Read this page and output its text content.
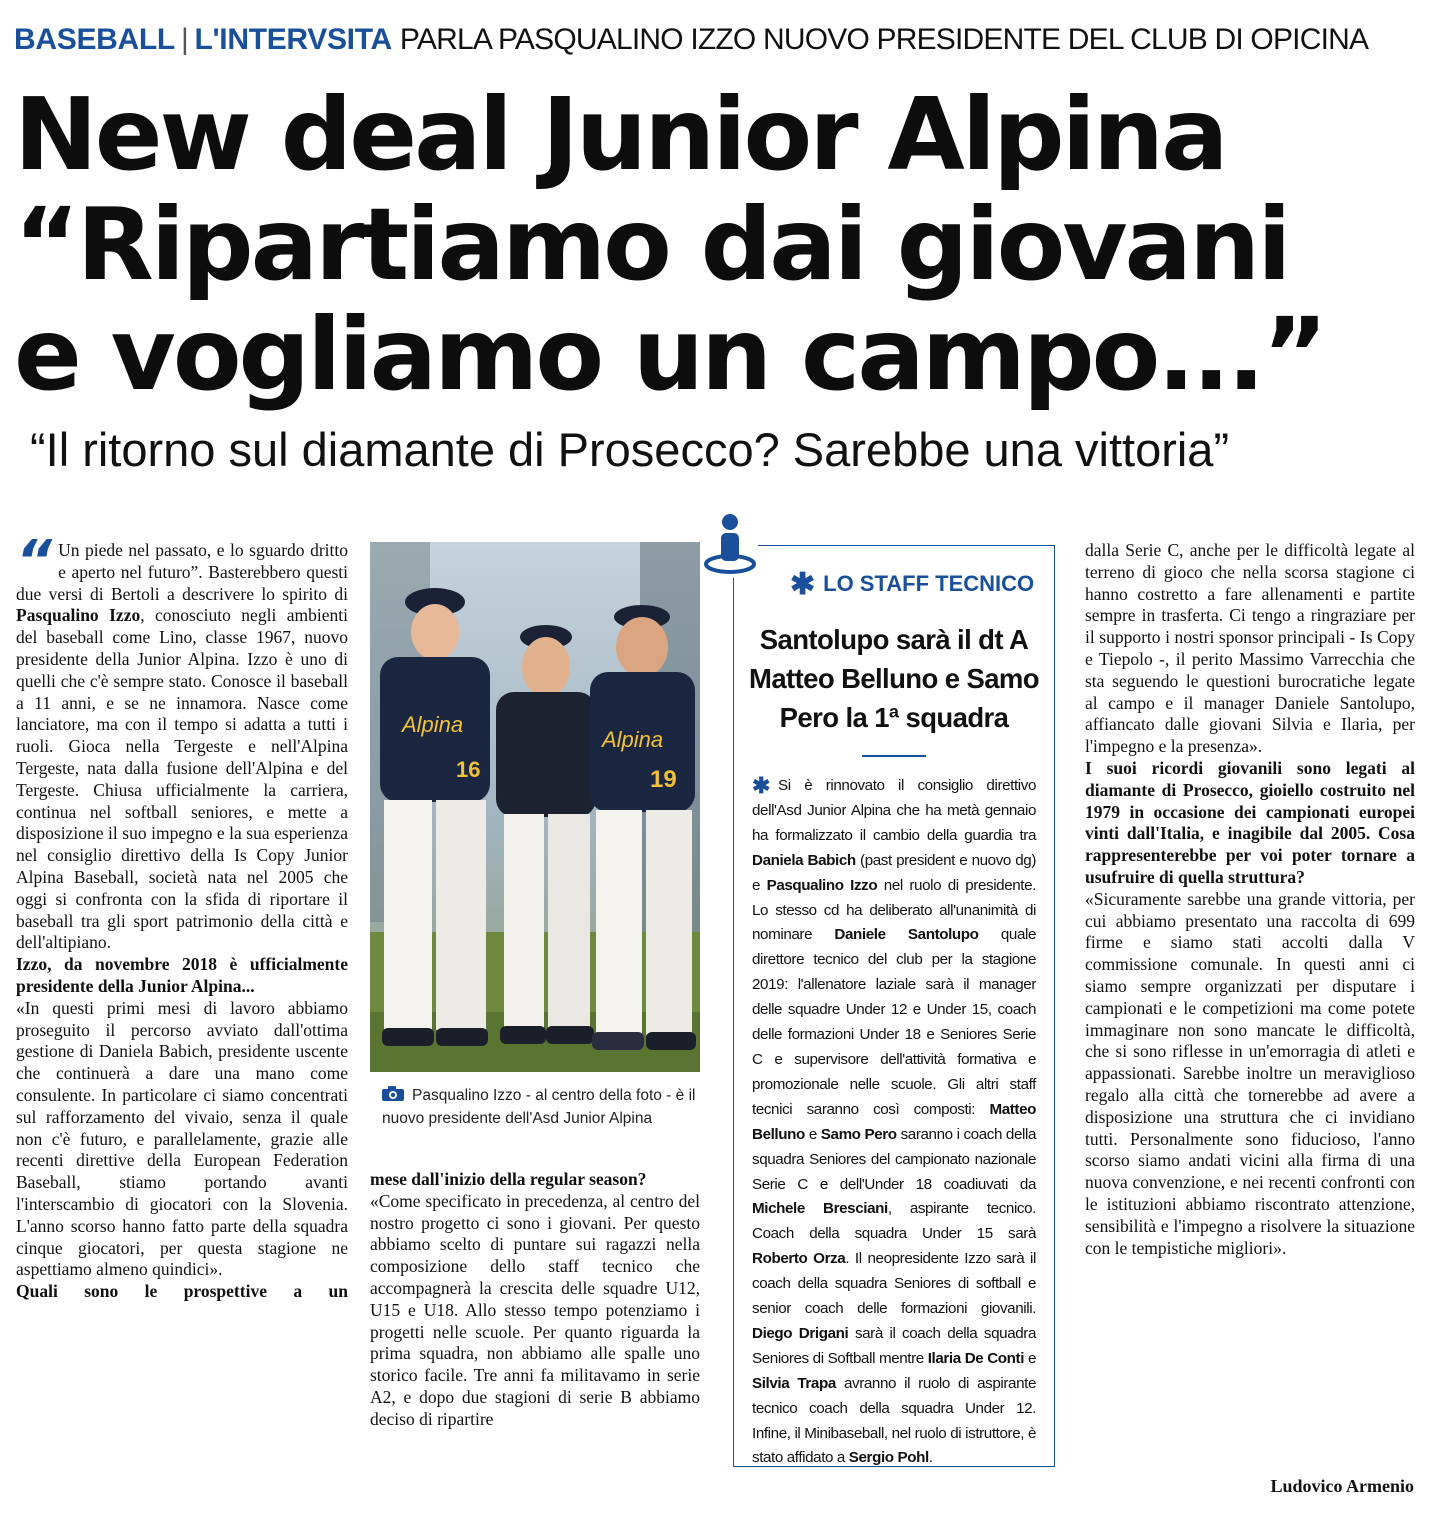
BASEBALL | L'INTERVSITA PARLA PASQUALINO IZZO NUOVO PRESIDENTE DEL CLUB DI OPICINA
New deal Junior Alpina
“Ripartiamo dai giovani
e vogliamo un campo...”
“Il ritorno sul diamante di Prosecco? Sarebbe una vittoria”

“ Un piede nel passato, e lo sguardo dritto e aperto nel futuro”. Basterebbero questi due versi di Bertoli a descrivere lo spirito di Pasqualino Izzo, conosciuto negli ambienti del baseball come Lino, classe 1967, nuovo presidente della Junior Alpina. Izzo è uno di quelli che c'è sempre stato. Conosce il baseball a 11 anni, e se ne innamora. Nasce come lanciatore, ma con il tempo si adatta a tutti i ruoli. Gioca nella Tergeste e nell'Alpina Tergeste, nata dalla fusione dell'Alpina e del Tergeste. Chiusa ufficialmente la carriera, continua nel softball seniores, e mette a disposizione il suo impegno e la sua esperienza nel consiglio direttivo della Is Copy Junior Alpina Baseball, società nata nel 2005 che oggi si confronta con la sfida di riportare il baseball tra gli sport patrimonio della città e dell'altipiano.

Izzo, da novembre 2018 è ufficialmente presidente della Junior Alpina...

«In questi primi mesi di lavoro abbiamo proseguito il percorso avviato dall'ottima gestione di Daniela Babich, presidente uscente che continuerà a dare una mano come consulente. In particolare ci siamo concentrati sul rafforzamento del vivaio, senza il quale non c'è futuro, e parallelamente, grazie alle recenti direttive della European Federation Baseball, stiamo portando avanti l'interscambio di giocatori con la Slovenia. L'anno scorso hanno fatto parte della squadra cinque giocatori, per questa stagione ne aspettiamo almeno quindici».

Quali sono le prospettive a un

Alpina
16
Alpina
19
Pasqualino Izzo - al centro della foto - è il nuovo presidente dell'Asd Junior Alpina

mese dall'inizio della regular season?

«Come specificato in precedenza, al centro del nostro progetto ci sono i giovani. Per questo abbiamo scelto di puntare sui ragazzi nella composizione dello staff tecnico che accompagnerà la crescita delle squadre U12, U15 e U18. Allo stesso tempo potenziamo i progetti nelle scuole. Per quanto riguarda la prima squadra, non abbiamo alle spalle uno storico facile. Tre anni fa militavamo in serie A2, e dopo due stagioni di serie B abbiamo deciso di ripartire

✱ LO STAFF TECNICO
Santolupo sarà il dt A Matteo Belluno e Samo Pero la 1ª squadra
✱ Si è rinnovato il consiglio direttivo dell'Asd Junior Alpina che ha metà gennaio ha formalizzato il cambio della guardia tra Daniela Babich (past president e nuovo dg) e Pasqualino Izzo nel ruolo di presidente. Lo stesso cd ha deliberato all'unanimità di nominare Daniele Santolupo quale direttore tecnico del club per la stagione 2019: l'allenatore laziale sarà il manager delle squadre Under 12 e Under 15, coach delle formazioni Under 18 e Seniores Serie C e supervisore dell'attività formativa e promozionale nelle scuole. Gli altri staff tecnici saranno così composti: Matteo Belluno e Samo Pero saranno i coach della squadra Seniores del campionato nazionale Serie C e dell'Under 18 coadiuvati da Michele Bresciani, aspirante tecnico. Coach della squadra Under 15 sarà Roberto Orza. Il neopresidente Izzo sarà il coach della squadra Seniores di softball e senior coach delle formazioni giovanili. Diego Drigani sarà il coach della squadra Seniores di Softball mentre Ilaria De Conti e Silvia Trapa avranno il ruolo di aspirante tecnico coach della squadra Under 12. Infine, il Minibaseball, nel ruolo di istruttore, è stato affidato a Sergio Pohl.

dalla Serie C, anche per le difficoltà legate al terreno di gioco che nella scorsa stagione ci hanno costretto a fare allenamenti e partite sempre in trasferta. Ci tengo a ringraziare per il supporto i nostri sponsor principali - Is Copy e Tiepolo -, il perito Massimo Varrecchia che sta seguendo le questioni burocratiche legate al campo e il manager Daniele Santolupo, affiancato dalle giovani Silvia e Ilaria, per l'impegno e la presenza».

I suoi ricordi giovanili sono legati al diamante di Prosecco, gioiello costruito nel 1979 in occasione dei campionati europei vinti dall'Italia, e inagibile dal 2005. Cosa rappresenterebbe per voi poter tornare a usufruire di quella struttura?

«Sicuramente sarebbe una grande vittoria, per cui abbiamo presentato una raccolta di 699 firme e siamo stati accolti dalla V commissione comunale. In questi anni ci siamo sempre organizzati per disputare i campionati e le competizioni ma come potete immaginare non sono mancate le difficoltà, che si sono riflesse in un'emorragia di atleti e appassionati. Sarebbe inoltre un meraviglioso regalo alla città che tornerebbe ad avere a disposizione una struttura che ci invidiano tutti. Personalmente sono fiducioso, l'anno scorso siamo andati vicini alla firma di una nuova convenzione, e nei recenti confronti con le istituzioni abbiamo riscontrato attenzione, sensibilità e l'impegno a risolvere la situazione con le tempistiche migliori».

Ludovico Armenio
